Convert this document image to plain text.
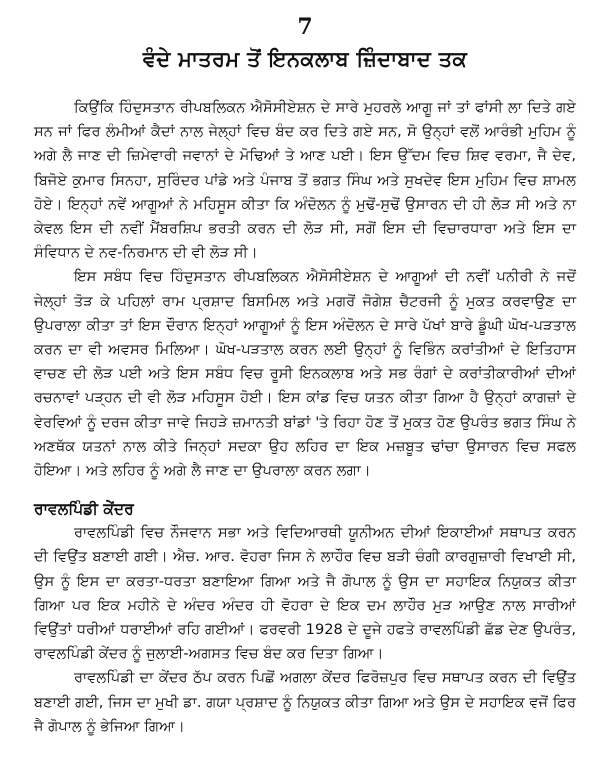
7
ਵੰਦੇ ਮਾਤਰਮ ਤੋਂ ਇਨਕਲਾਬ ਜ਼ਿੰਦਾਬਾਦ ਤਕ

ਕਿਉਂਕਿ ਹਿੰਦੁਸਤਾਨ ਰੀਪਬਲਿਕਨ ਐਸੋਸੀਏਸ਼ਨ ਦੇ ਸਾਰੇ ਮੁਹਰਲੇ ਆਗੂ ਜਾਂ ਤਾਂ ਫਾਂਸੀ ਲਾ ਦਿਤੇ ਗਏ ਸਨ ਜਾਂ ਫਿਰ ਲੰਮੀਆਂ ਕੈਦਾਂ ਨਾਲ ਜੇਲ੍ਹਾਂ ਵਿਚ ਬੰਦ ਕਰ ਦਿਤੇ ਗਏ ਸਨ, ਸੋ ਉਨ੍ਹਾਂ ਵਲੋਂ ਆਰੰਭੀ ਮੁਹਿਮ ਨੂੰ ਅਗੇ ਲੈ ਜਾਣ ਦੀ ਜ਼ਿਮੇਵਾਰੀ ਜਵਾਨਾਂ ਦੇ ਮੋਢਿਆਂ ਤੇ ਆਣ ਪਈ। ਇਸ ਉੱਦਮ ਵਿਚ ਸ਼ਿਵ ਵਰਮਾ, ਜੈ ਦੇਵ, ਬਿਜੋਏ ਕੁਮਾਰ ਸਿਨਹਾ, ਸੁਰਿੰਦਰ ਪਾਂਡੇ ਅਤੇ ਪੰਜਾਬ ਤੋਂ ਭਗਤ ਸਿੰਘ ਅਤੇ ਸੁਖਦੇਵ ਇਸ ਮੁਹਿਮ ਵਿਚ ਸ਼ਾਮਲ ਹੋਏ। ਇਨ੍ਹਾਂ ਨਵੇਂ ਆਗੂਆਂ ਨੇ ਮਹਿਸੂਸ ਕੀਤਾ ਕਿ ਅੰਦੋਲਨ ਨੂੰ ਮੁਢੋਂ-ਸੁਢੋਂ ਉਸਾਰਨ ਦੀ ਹੀ ਲੋੜ ਸੀ ਅਤੇ ਨਾ ਕੇਵਲ ਇਸ ਦੀ ਨਵੀਂ ਮੈਂਬਰਸ਼ਿਪ ਭਰਤੀ ਕਰਨ ਦੀ ਲੋੜ ਸੀ, ਸਗੋਂ ਇਸ ਦੀ ਵਿਚਾਰਧਾਰਾ ਅਤੇ ਇਸ ਦਾ ਸੰਵਿਧਾਨ ਦੇ ਨਵ-ਨਿਰਮਾਨ ਦੀ ਵੀ ਲੋੜ ਸੀ।

ਇਸ ਸਬੰਧ ਵਿਚ ਹਿੰਦੁਸਤਾਨ ਰੀਪਬਲਿਕਨ ਐਸੋਸੀਏਸ਼ਨ ਦੇ ਆਗੂਆਂ ਦੀ ਨਵੀਂ ਪਨੀਰੀ ਨੇ ਜਦੋਂ ਜੇਲ੍ਹਾਂ ਤੋੜ ਕੇ ਪਹਿਲਾਂ ਰਾਮ ਪ੍ਰਸ਼ਾਦ ਬਿਸਮਿਲ ਅਤੇ ਮਗਰੋਂ ਜੋਗੇਸ਼ ਚੈਟਰਜੀ ਨੂੰ ਮੁਕਤ ਕਰਵਾਉਣ ਦਾ ਉਪਰਾਲਾ ਕੀਤਾ ਤਾਂ ਇਸ ਦੌਰਾਨ ਇਨ੍ਹਾਂ ਆਗੂਆਂ ਨੂੰ ਇਸ ਅੰਦੋਲਨ ਦੇ ਸਾਰੇ ਪੱਖਾਂ ਬਾਰੇ ਡੂੰਘੀ ਘੋਖ-ਪੜਤਾਲ ਕਰਨ ਦਾ ਵੀ ਅਵਸਰ ਮਿਲਿਆ। ਘੋਖ-ਪੜਤਾਲ ਕਰਨ ਲਈ ਉਨ੍ਹਾਂ ਨੂੰ ਵਿਭਿੰਨ ਕਰਾਂਤੀਆਂ ਦੇ ਇਤਿਹਾਸ ਵਾਚਣ ਦੀ ਲੋੜ ਪਈ ਅਤੇ ਇਸ ਸਬੰਧ ਵਿਚ ਰੂਸੀ ਇਨਕਲਾਬ ਅਤੇ ਸਭ ਰੰਗਾਂ ਦੇ ਕਰਾਂਤੀਕਾਰੀਆਂ ਦੀਆਂ ਰਚਨਾਵਾਂ ਪੜ੍ਹਨ ਦੀ ਵੀ ਲੋੜ ਮਹਿਸੂਸ ਹੋਈ। ਇਸ ਕਾਂਡ ਵਿਚ ਯਤਨ ਕੀਤਾ ਗਿਆ ਹੈ ਉਨ੍ਹਾਂ ਕਾਗਜ਼ਾਂ ਦੇ ਵੇਰਵਿਆਂ ਨੂੰ ਦਰਜ ਕੀਤਾ ਜਾਵੇ ਜਿਹੜੇ ਜ਼ਮਾਨਤੀ ਬਾਂਡਾਂ 'ਤੇ ਰਿਹਾ ਹੋਣ ਤੋਂ ਮੁਕਤ ਹੋਣ ਉਪਰੰਤ ਭਗਤ ਸਿੰਘ ਨੇ ਅਣਥੱਕ ਯਤਨਾਂ ਨਾਲ ਕੀਤੇ ਜਿਨ੍ਹਾਂ ਸਦਕਾ ਉਹ ਲਹਿਰ ਦਾ ਇਕ ਮਜ਼ਬੂਤ ਢਾਂਚਾ ਉਸਾਰਨ ਵਿਚ ਸਫਲ ਹੋਇਆ। ਅਤੇ ਲਹਿਰ ਨੂੰ ਅਗੇ ਲੈ ਜਾਣ ਦਾ ਉਪਰਾਲਾ ਕਰਨ ਲਗਾ।

ਰਾਵਲਪਿੰਡੀ ਕੇਂਦਰ

ਰਾਵਲਪਿੰਡੀ ਵਿਚ ਨੌਜਵਾਨ ਸਭਾ ਅਤੇ ਵਿਦਿਆਰਥੀ ਯੂਨੀਅਨ ਦੀਆਂ ਇਕਾਈਆਂ ਸਥਾਪਤ ਕਰਨ ਦੀ ਵਿਉਂਤ ਬਣਾਈ ਗਈ। ਐਚ. ਆਰ. ਵੋਹਰਾ ਜਿਸ ਨੇ ਲਾਹੌਰ ਵਿਚ ਬੜੀ ਚੰਗੀ ਕਾਰਗੁਜ਼ਾਰੀ ਵਿਖਾਈ ਸੀ, ਉਸ ਨੂੰ ਇਸ ਦਾ ਕਰਤਾ-ਧਰਤਾ ਬਣਾਇਆ ਗਿਆ ਅਤੇ ਜੈ ਗੋਪਾਲ ਨੂੰ ਉਸ ਦਾ ਸਹਾਇਕ ਨਿਯੁਕਤ ਕੀਤਾ ਗਿਆ ਪਰ ਇਕ ਮਹੀਨੇ ਦੇ ਅੰਦਰ ਅੰਦਰ ਹੀ ਵੋਹਰਾ ਦੇ ਇਕ ਦਮ ਲਾਹੌਰ ਮੁੜ ਆਉਣ ਨਾਲ ਸਾਰੀਆਂ ਵਿਉਂਤਾਂ ਧਰੀਆਂ ਧਰਾਈਆਂ ਰਹਿ ਗਈਆਂ। ਫਰਵਰੀ 1928 ਦੇ ਦੂਜੇ ਹਫਤੇ ਰਾਵਲਪਿੰਡੀ ਛੱਡ ਦੇਣ ਉਪਰੰਤ, ਰਾਵਲਪਿੰਡੀ ਕੇਂਦਰ ਨੂੰ ਜੁਲਾਈ-ਅਗਸਤ ਵਿਚ ਬੰਦ ਕਰ ਦਿਤਾ ਗਿਆ।

ਰਾਵਲਪਿੰਡੀ ਦਾ ਕੇਂਦਰ ਠੱਪ ਕਰਨ ਪਿਛੋਂ ਅਗਲਾ ਕੇਂਦਰ ਫਿਰੋਜ਼ਪੁਰ ਵਿਚ ਸਥਾਪਤ ਕਰਨ ਦੀ ਵਿਉਂਤ ਬਣਾਈ ਗਈ, ਜਿਸ ਦਾ ਮੁਖੀ ਡਾ. ਗਯਾ ਪ੍ਰਸ਼ਾਦ ਨੂੰ ਨਿਯੁਕਤ ਕੀਤਾ ਗਿਆ ਅਤੇ ਉਸ ਦੇ ਸਹਾਇਕ ਵਜੋਂ ਫਿਰ ਜੈ ਗੋਪਾਲ ਨੂੰ ਭੇਜਿਆ ਗਿਆ।
